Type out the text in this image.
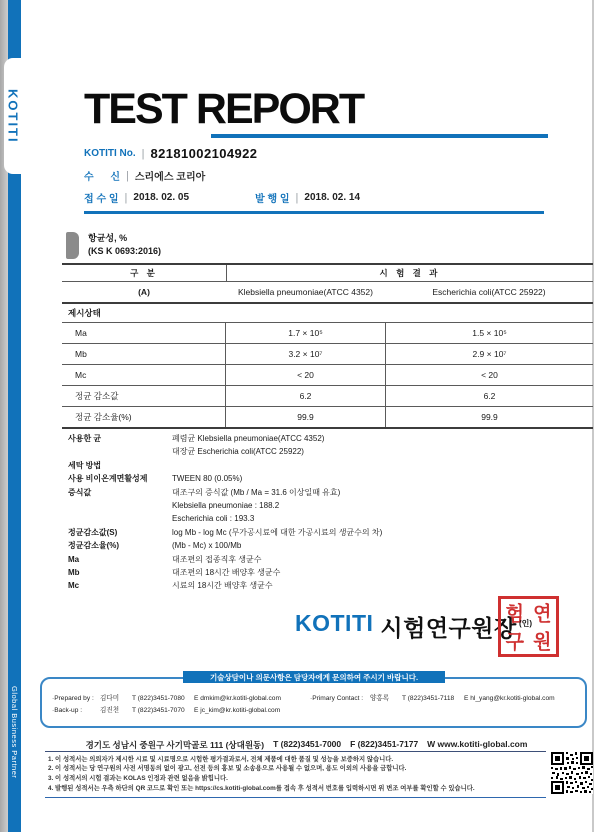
KOTITI
Global Business Partner
TEST REPORT
KOTITI No. | 82181002104922
수      신 | 스리에스 코리아
접 수 일 | 2018. 02. 05	발 행 일 | 2018. 02. 14
항균성, %
(KS K 0693:2016)
구 분	시 험 결 과
(A)	Klebsiella pneumoniae(ATCC 4352)	Escherichia coli(ATCC 25922)
제시상태
Ma	1.7 × 10⁵	1.5 × 10⁵
Mb	3.2 × 10⁷	2.9 × 10⁷
Mc	< 20	< 20
정균 감소값	6.2	6.2
정균 감소율(%)	99.9	99.9
사용한 균	폐렴균 Klebsiella pneumoniae(ATCC 4352)
대장균 Escherichia coli(ATCC 25922)
세탁 방법
사용 비이온계면활성제	TWEEN 80 (0.05%)
증식값	대조구의 증식값 (Mb / Ma = 31.6 이상일때 유효)
Klebsiella pneumoniae : 188.2
Escherichia coli : 193.3
정균감소값(S)	log Mb - log Mc (무가공시료에 대한 가공시료의 생균수의 차)
정균감소율(%)	(Mb - Mc) x 100/Mb
Ma	대조편의 접종직후 생균수
Mb	대조편의 18시간 배양후 생균수
Mc	시료의 18시간 배양후 생균수
KOTITI 시험연구원장
험 연
구 원
(인)
기술상담이나 의문사항은 담당자에게 문의하여 주시기 바랍니다.
·Prepared by : 김다미	T (822)3451-7080	E dmkim@kr.kotiti-global.com	·Primary Contact :	양홍록	T (822)3451-7118	E hl_yang@kr.kotiti-global.com
·Back-up :	김진천	T (822)3451-7070	E jc_kim@kr.kotiti-global.com
경기도 성남시 중원구 사기막골로 111 (상대원동) T (822)3451-7000 F (822)3451-7177 W www.kotiti-global.com
1. 이 성적서는 의뢰자가 제시한 시료 및 시료명으로 시험한 평가결과로서, 전체 제품에 대한 품질 및 성능을 보증하지 않습니다.
2. 이 성적서는 당 연구원의 사전 서명동의 없이 광고, 선전 등의 홍보 및 소송용으로 사용될 수 없으며, 용도 이외의 사용을 금합니다.
3. 이 성적서의 시험 결과는 KOLAS 인정과 관련 없음을 밝힙니다.
4. 발행된 성적서는 우측 하단의 QR 코드로 확인 또는 https://cs.kotiti-global.com를 접속 후 성적서 번호를 입력하시면 위 변조 여부를 확인할 수 있습니다.
